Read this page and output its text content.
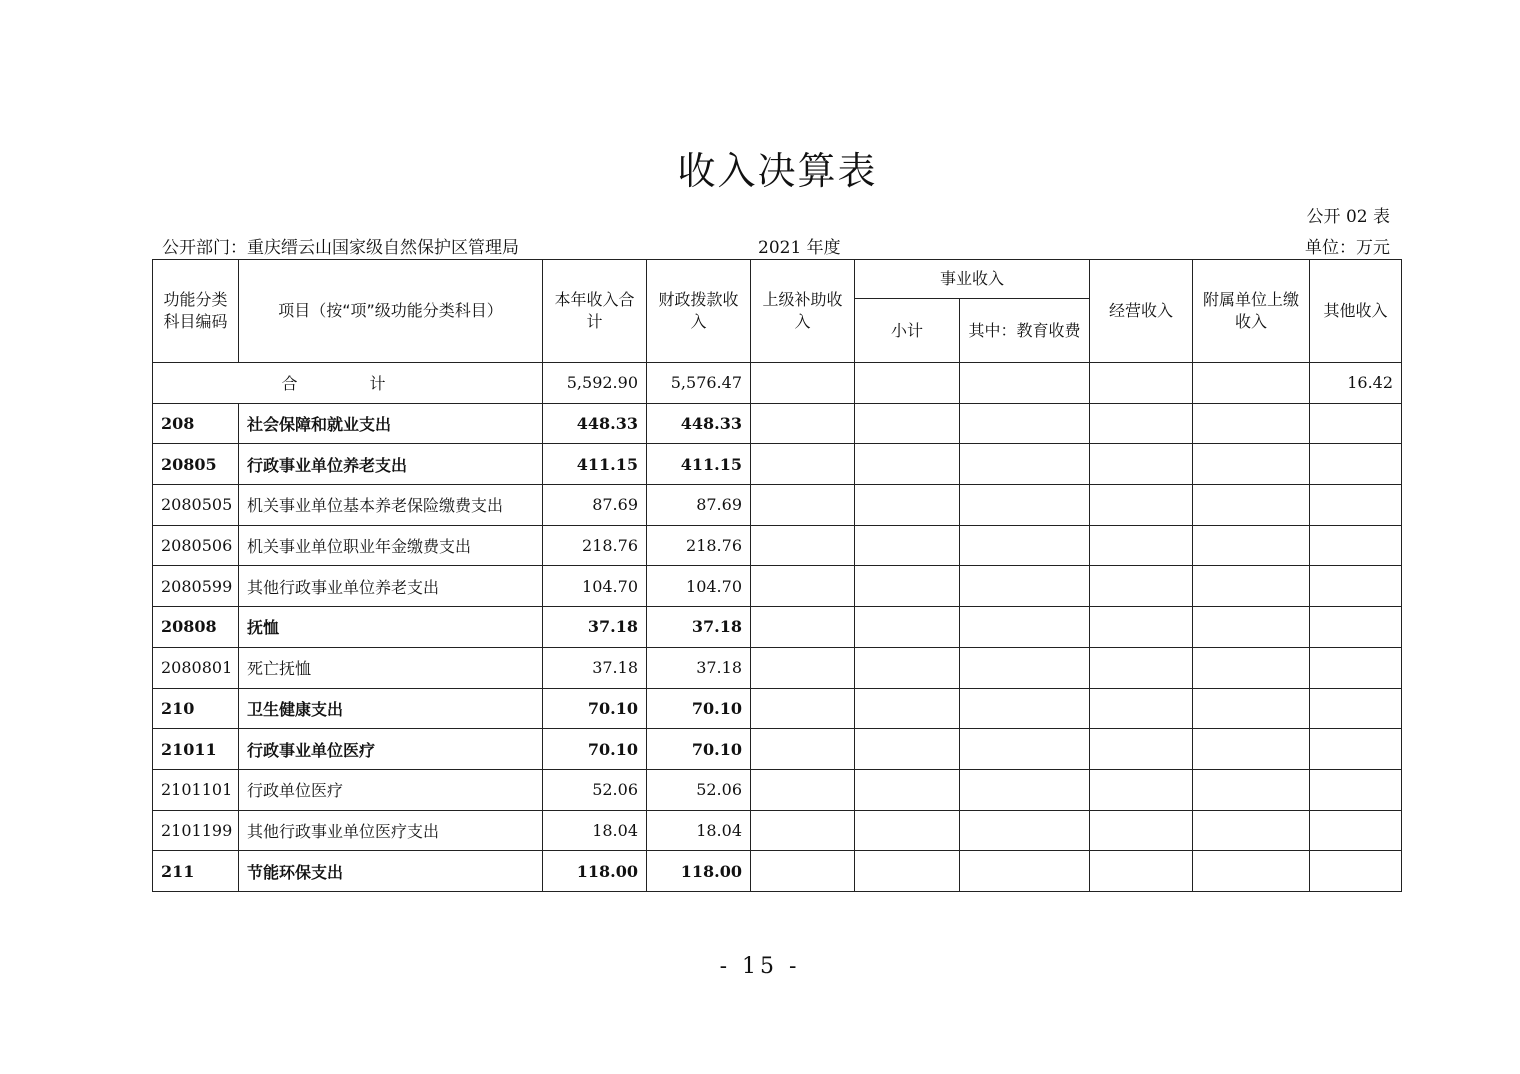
收入决算表
公开 02 表
公开部门：重庆缙云山国家级自然保护区管理局	2021 年度	单位：万元
功能分类科目编码	项目（按“项”级功能分类科目）	本年收入合计	财政拨款收入	上级补助收入	事业收入		经营收入	附属单位上缴收入	其他收入
					小计	其中：教育收费			
合　计		5,592.90	5,576.47						16.42
208	社会保障和就业支出	448.33	448.33						
20805	行政事业单位养老支出	411.15	411.15						
2080505	机关事业单位基本养老保险缴费支出	87.69	87.69						
2080506	机关事业单位职业年金缴费支出	218.76	218.76						
2080599	其他行政事业单位养老支出	104.70	104.70						
20808	抚恤	37.18	37.18						
2080801	死亡抚恤	37.18	37.18						
210	卫生健康支出	70.10	70.10						
21011	行政事业单位医疗	70.10	70.10						
2101101	行政单位医疗	52.06	52.06						
2101199	其他行政事业单位医疗支出	18.04	18.04						
211	节能环保支出	118.00	118.00						
- 15 -
